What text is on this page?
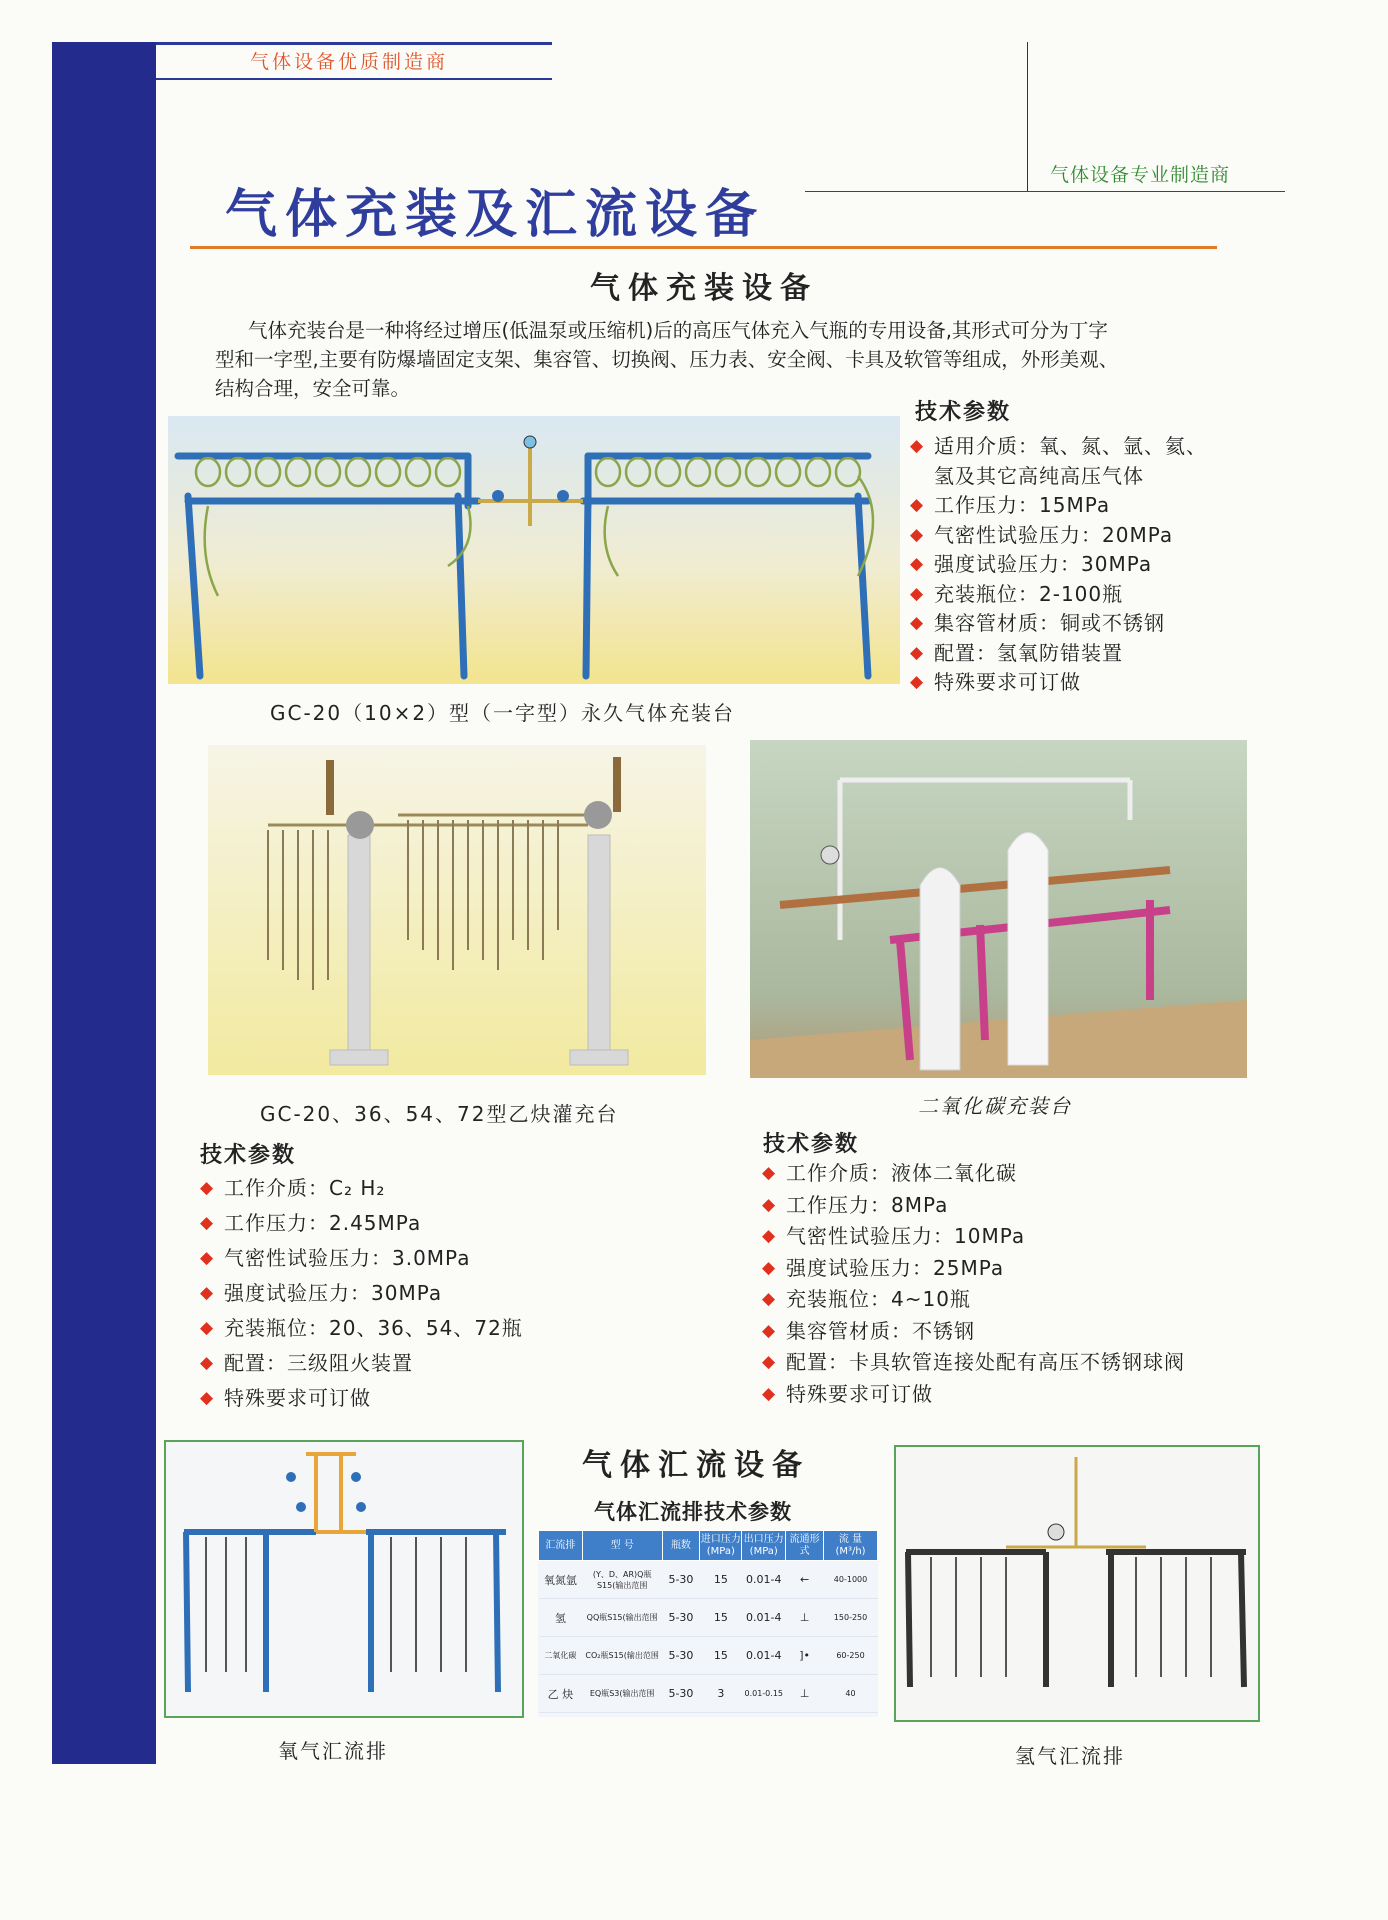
气体设备优质制造商
气体设备专业制造商
气体充装及汇流设备
气体充装设备
气体充装台是一种将经过增压(低温泵或压缩机)后的高压气体充入气瓶的专用设备,其形式可分为丁字
型和一字型,主要有防爆墙固定支架、集容管、切换阀、压力表、安全阀、卡具及软管等组成，外形美观、
结构合理，安全可靠。
技术参数
◆ 适用介质：氧、氮、氩、氦、
氢及其它高纯高压气体
◆ 工作压力：15MPa
◆ 气密性试验压力：20MPa
◆ 强度试验压力：30MPa
◆ 充装瓶位：2-100瓶
◆ 集容管材质：铜或不锈钢
◆ 配置：氢氧防错装置
◆ 特殊要求可订做
GC-20（10×2）型（一字型）永久气体充装台
GC-20、36、54、72型乙炔灌充台	二氧化碳充装台
技术参数
◆ 工作介质：C₂ H₂
◆ 工作压力：2.45MPa
◆ 气密性试验压力：3.0MPa
◆ 强度试验压力：30MPa
◆ 充装瓶位：20、36、54、72瓶
◆ 配置：三级阻火装置
◆ 特殊要求可订做
技术参数
◆ 工作介质：液体二氧化碳
◆ 工作压力：8MPa
◆ 气密性试验压力：10MPa
◆ 强度试验压力：25MPa
◆ 充装瓶位：4~10瓶
◆ 集容管材质：不锈钢
◆ 配置：卡具软管连接处配有高压不锈钢球阀
◆ 特殊要求可订做
气体汇流设备
气体汇流排技术参数
汇流排	型 号	瓶数	进口压力(MPa)	出口压力(MPa)	流通形式	流 量(M³/h)
氧氮氩	(Y、D、AR)Q瓶S15(输出范围	5-30	15	0.01-4	←	40-1000
氢	QQ瓶S15(输出范围	5-30	15	0.01-4	⊥	150-250
二氧化碳	CO₂瓶S15(输出范围	5-30	15	0.01-4	]•	60-250
乙 炔	EQ瓶S3(输出范围	5-30	3	0.01-0.15	⊥	40
氧气汇流排	氢气汇流排
